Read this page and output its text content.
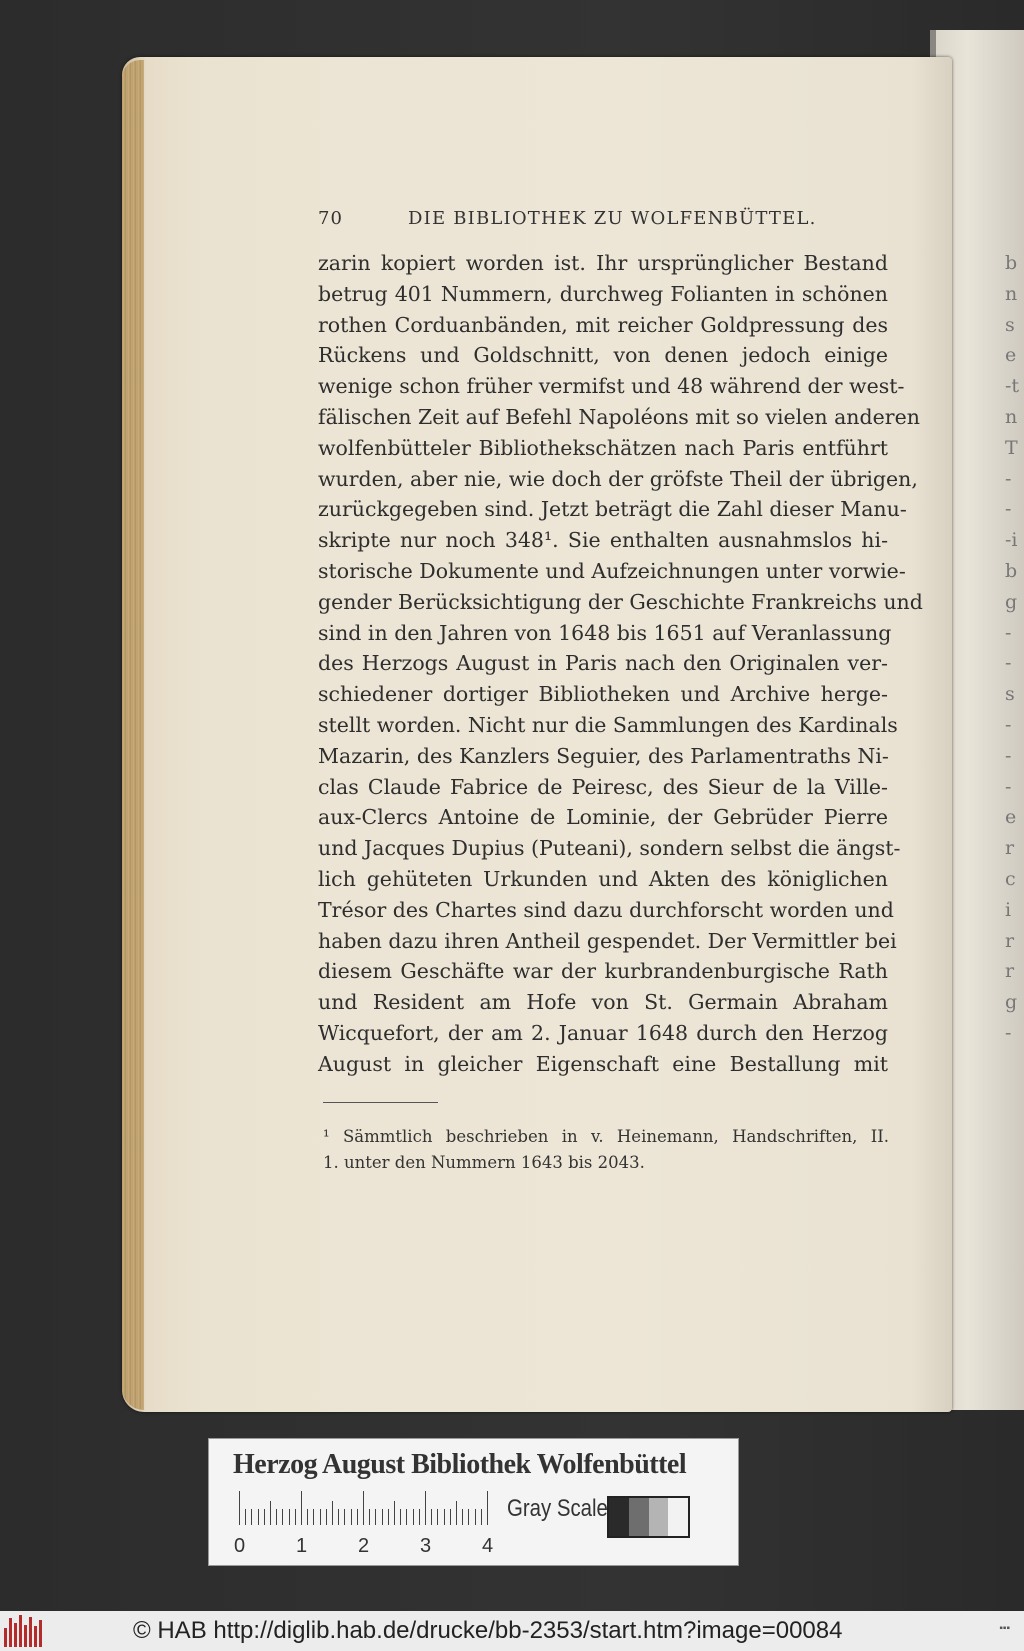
b
n
s
e
-t
n
T
-
-
-i
b
g
-
-
s
-
-
-
e
r
c
i
r
r
g
-
70	DIE BIBLIOTHEK ZU WOLFENBÜTTEL.
zarin kopiert worden ist. Ihr ursprünglicher Bestand
betrug 401 Nummern, durchweg Folianten in schönen
rothen Corduanbänden, mit reicher Goldpressung des
Rückens und Goldschnitt, von denen jedoch einige
wenige schon früher vermifst und 48 während der west-
fälischen Zeit auf Befehl Napoléons mit so vielen anderen
wolfenbütteler Bibliothekschätzen nach Paris entführt
wurden, aber nie, wie doch der gröfste Theil der übrigen,
zurückgegeben sind. Jetzt beträgt die Zahl dieser Manu-
skripte nur noch 348¹. Sie enthalten ausnahmslos hi-
storische Dokumente und Aufzeichnungen unter vorwie-
gender Berücksichtigung der Geschichte Frankreichs und
sind in den Jahren von 1648 bis 1651 auf Veranlassung
des Herzogs August in Paris nach den Originalen ver-
schiedener dortiger Bibliotheken und Archive herge-
stellt worden. Nicht nur die Sammlungen des Kardinals
Mazarin, des Kanzlers Seguier, des Parlamentraths Ni-
clas Claude Fabrice de Peiresc, des Sieur de la Ville-
aux-Clercs Antoine de Lominie, der Gebrüder Pierre
und Jacques Dupius (Puteani), sondern selbst die ängst-
lich gehüteten Urkunden und Akten des königlichen
Trésor des Chartes sind dazu durchforscht worden und
haben dazu ihren Antheil gespendet. Der Vermittler bei
diesem Geschäfte war der kurbrandenburgische Rath
und Resident am Hofe von St. Germain Abraham
Wicquefort, der am 2. Januar 1648 durch den Herzog
August in gleicher Eigenschaft eine Bestallung mit
¹ Sämmtlich beschrieben in v. Heinemann, Handschriften, II.
1. unter den Nummern 1643 bis 2043.
Herzog August Bibliothek Wolfenbüttel
0	1	2	3	4
Gray Scale
© HAB http://diglib.hab.de/drucke/bb-2353/start.htm?image=00084	▪▪▪
